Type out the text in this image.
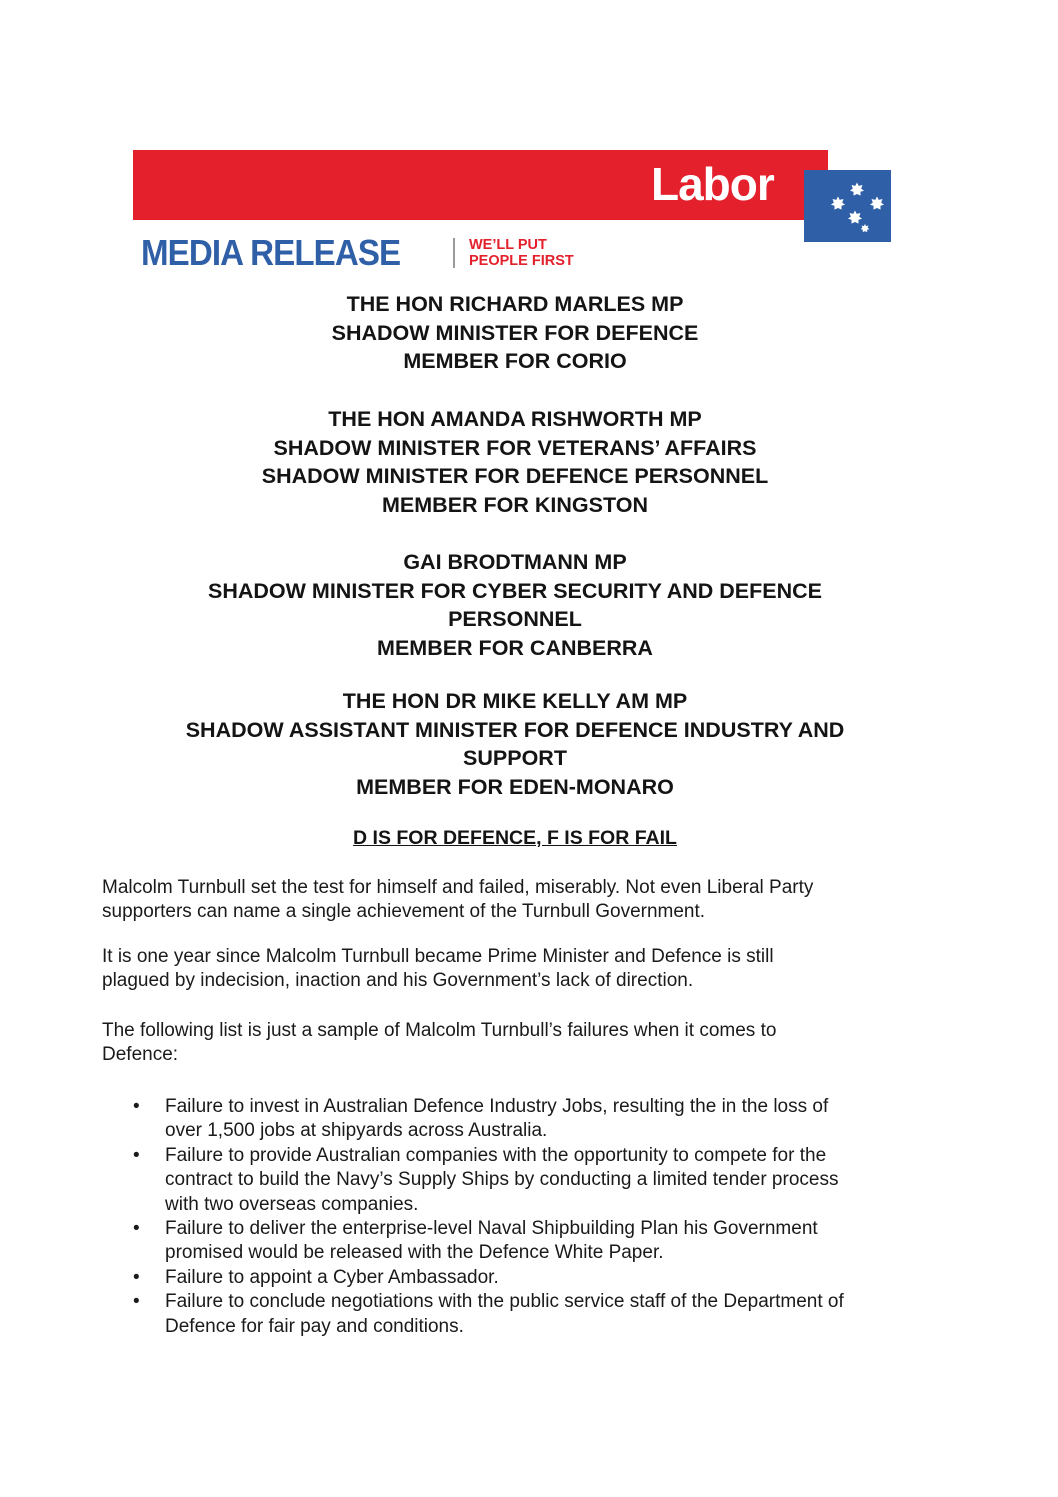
Labor
MEDIA RELEASE	WE’LL PUT
PEOPLE FIRST
THE HON RICHARD MARLES MP
SHADOW MINISTER FOR DEFENCE
MEMBER FOR CORIO
THE HON AMANDA RISHWORTH MP
SHADOW MINISTER FOR VETERANS’ AFFAIRS
SHADOW MINISTER FOR DEFENCE PERSONNEL
MEMBER FOR KINGSTON
GAI BRODTMANN MP
SHADOW MINISTER FOR CYBER SECURITY AND DEFENCE
PERSONNEL
MEMBER FOR CANBERRA
THE HON DR MIKE KELLY AM MP
SHADOW ASSISTANT MINISTER FOR DEFENCE INDUSTRY AND
SUPPORT
MEMBER FOR EDEN-MONARO
D IS FOR DEFENCE, F IS FOR FAIL
Malcolm Turnbull set the test for himself and failed, miserably. Not even Liberal Party
supporters can name a single achievement of the Turnbull Government.
It is one year since Malcolm Turnbull became Prime Minister and Defence is still
plagued by indecision, inaction and his Government’s lack of direction.
The following list is just a sample of Malcolm Turnbull’s failures when it comes to
Defence:
•	Failure to invest in Australian Defence Industry Jobs, resulting the in the loss of
over 1,500 jobs at shipyards across Australia.
•	Failure to provide Australian companies with the opportunity to compete for the
contract to build the Navy’s Supply Ships by conducting a limited tender process
with two overseas companies.
•	Failure to deliver the enterprise-level Naval Shipbuilding Plan his Government
promised would be released with the Defence White Paper.
•	Failure to appoint a Cyber Ambassador.
•	Failure to conclude negotiations with the public service staff of the Department of
Defence for fair pay and conditions.
